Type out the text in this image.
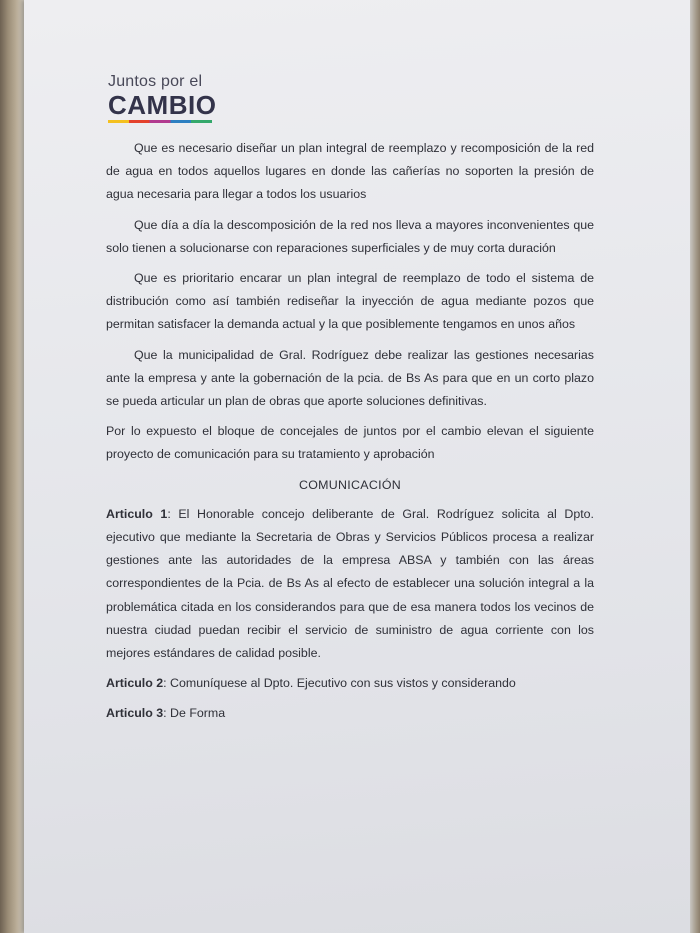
Juntos por el
CAMBIO

Que es necesario diseñar un plan integral de reemplazo y recomposición de la red de agua en todos aquellos lugares en donde las cañerías no soporten la presión de agua necesaria para llegar a todos los usuarios

Que día a día la descomposición de la red nos lleva a mayores inconvenientes que solo tienen a solucionarse con reparaciones superficiales y de muy corta duración

Que es prioritario encarar un plan integral de reemplazo de todo el sistema de distribución como así también rediseñar la inyección de agua mediante pozos que permitan satisfacer la demanda actual y la que posiblemente tengamos en unos años

Que la municipalidad de Gral. Rodríguez debe realizar las gestiones necesarias ante la empresa y ante la gobernación de la pcia. de Bs As para que en un corto plazo se pueda articular un plan de obras que aporte soluciones definitivas.

Por lo expuesto el bloque de concejales de juntos por el cambio elevan el siguiente proyecto de comunicación para su tratamiento y aprobación

COMUNICACIÓN

Articulo 1: El Honorable concejo deliberante de Gral. Rodríguez solicita al Dpto. ejecutivo que mediante la Secretaria de Obras y Servicios Públicos procesa a realizar gestiones ante las autoridades de la empresa ABSA y también con las áreas correspondientes de la Pcia. de Bs As al efecto de establecer una solución integral a la problemática citada en los considerandos para que de esa manera todos los vecinos de nuestra ciudad puedan recibir el servicio de suministro de agua corriente con los mejores estándares de calidad posible.

Articulo 2: Comuníquese al Dpto. Ejecutivo con sus vistos y considerando

Articulo 3: De Forma
